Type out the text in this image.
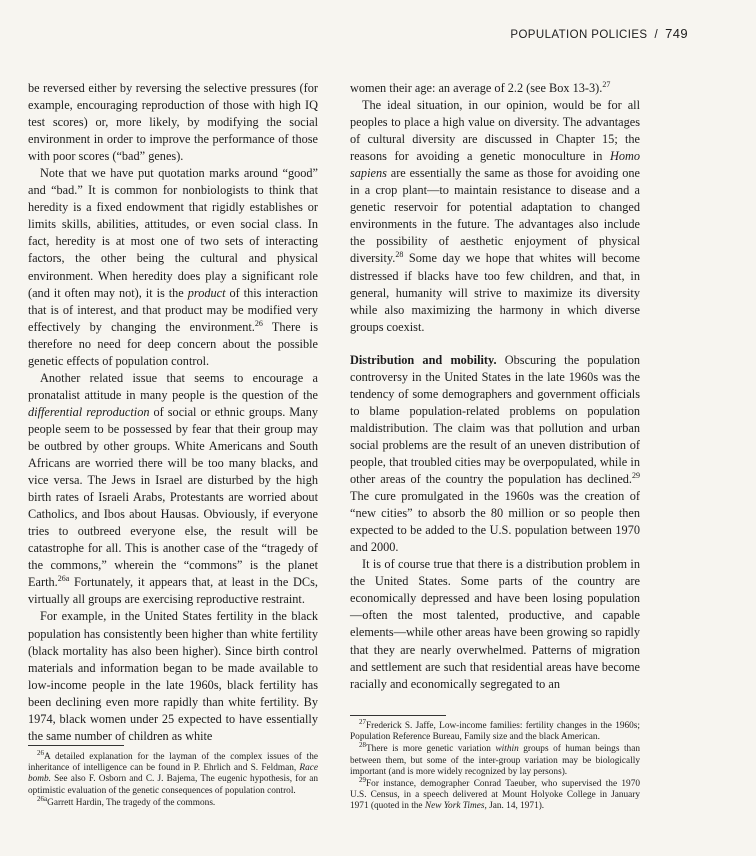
POPULATION POLICIES / 749

be reversed either by reversing the selective pressures (for example, encouraging reproduction of those with high IQ test scores) or, more likely, by modifying the social environment in order to improve the performance of those with poor scores (“bad” genes).

Note that we have put quotation marks around “good” and “bad.” It is common for nonbiologists to think that heredity is a fixed endowment that rigidly establishes or limits skills, abilities, attitudes, or even social class. In fact, heredity is at most one of two sets of interacting factors, the other being the cultural and physical environment. When heredity does play a significant role (and it often may not), it is the product of this interaction that is of interest, and that product may be modified very effectively by changing the environment.$^{26}$ There is therefore no need for deep concern about the possible genetic effects of population control.

Another related issue that seems to encourage a pronatalist attitude in many people is the question of the differential reproduction of social or ethnic groups. Many people seem to be possessed by fear that their group may be outbred by other groups. White Americans and South Africans are worried there will be too many blacks, and vice versa. The Jews in Israel are disturbed by the high birth rates of Israeli Arabs, Protestants are worried about Catholics, and Ibos about Hausas. Obviously, if everyone tries to outbreed everyone else, the result will be catastrophe for all. This is another case of the “tragedy of the commons,” wherein the “commons” is the planet Earth.$^{26a}$ Fortunately, it appears that, at least in the DCs, virtually all groups are exercising reproductive restraint.

For example, in the United States fertility in the black population has consistently been higher than white fertility (black mortality has also been higher). Since birth control materials and information began to be made available to low-income people in the late 1960s, black fertility has been declining even more rapidly than white fertility. By 1974, black women under 25 expected to have essentially the same number of children as white

women their age: an average of 2.2 (see Box 13-3).$^{27}$

The ideal situation, in our opinion, would be for all peoples to place a high value on diversity. The advantages of cultural diversity are discussed in Chapter 15; the reasons for avoiding a genetic monoculture in Homo sapiens are essentially the same as those for avoiding one in a crop plant—to maintain resistance to disease and a genetic reservoir for potential adaptation to changed environments in the future. The advantages also include the possibility of aesthetic enjoyment of physical diversity.$^{28}$ Some day we hope that whites will become distressed if blacks have too few children, and that, in general, humanity will strive to maximize its diversity while also maximizing the harmony in which diverse groups coexist.

Distribution and mobility. Obscuring the population controversy in the United States in the late 1960s was the tendency of some demographers and government officials to blame population-related problems on population maldistribution. The claim was that pollution and urban social problems are the result of an uneven distribution of people, that troubled cities may be overpopulated, while in other areas of the country the population has declined.$^{29}$ The cure promulgated in the 1960s was the creation of “new cities” to absorb the 80 million or so people then expected to be added to the U.S. population between 1970 and 2000.

It is of course true that there is a distribution problem in the United States. Some parts of the country are economically depressed and have been losing population—often the most talented, productive, and capable elements—while other areas have been growing so rapidly that they are nearly overwhelmed. Patterns of migration and settlement are such that residential areas have become racially and economically segregated to an

$^{26}$A detailed explanation for the layman of the complex issues of the inheritance of intelligence can be found in P. Ehrlich and S. Feldman, Race bomb. See also F. Osborn and C. J. Bajema, The eugenic hypothesis, for an optimistic evaluation of the genetic consequences of population control.

$^{26a}$Garrett Hardin, The tragedy of the commons.

$^{27}$Frederick S. Jaffe, Low-income families: fertility changes in the 1960s; Population Reference Bureau, Family size and the black American.

$^{28}$There is more genetic variation within groups of human beings than between them, but some of the inter-group variation may be biologically important (and is more widely recognized by lay persons).

$^{29}$For instance, demographer Conrad Taeuber, who supervised the 1970 U.S. Census, in a speech delivered at Mount Holyoke College in January 1971 (quoted in the New York Times, Jan. 14, 1971).
